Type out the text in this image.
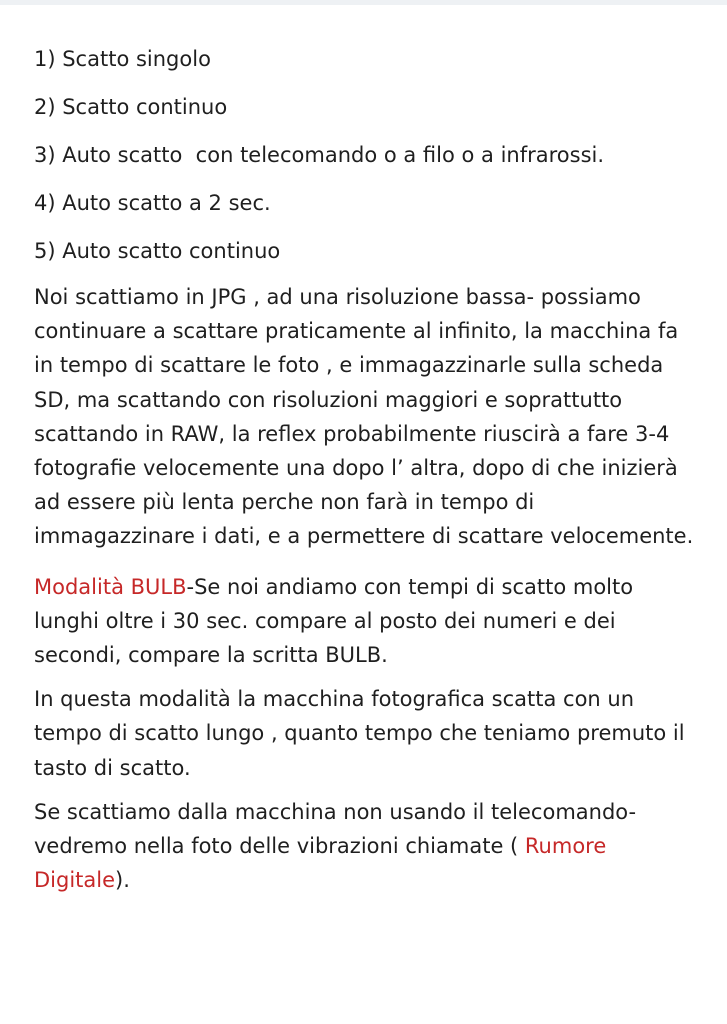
1) Scatto singolo
2) Scatto continuo
3) Auto scatto  con telecomando o a filo o a infrarossi.
4) Auto scatto a 2 sec.
5) Auto scatto continuo

Noi scattiamo in JPG , ad una risoluzione bassa- possiamo continuare a scattare praticamente al infinito, la macchina fa in tempo di scattare le foto , e immagazzinarle sulla scheda SD, ma scattando con risoluzioni maggiori e soprattutto scattando in RAW, la reflex probabilmente riuscirà a fare 3-4 fotografie velocemente una dopo l’ altra, dopo di che inizierà ad essere più lenta perche non farà in tempo di immagazzinare i dati, e a permettere di scattare velocemente.

Modalità BULB-Se noi andiamo con tempi di scatto molto lunghi oltre i 30 sec. compare al posto dei numeri e dei secondi, compare la scritta BULB.

In questa modalità la macchina fotografica scatta con un tempo di scatto lungo , quanto tempo che teniamo premuto il tasto di scatto.

Se scattiamo dalla macchina non usando il telecomando- vedremo nella foto delle vibrazioni chiamate ( Rumore Digitale).
